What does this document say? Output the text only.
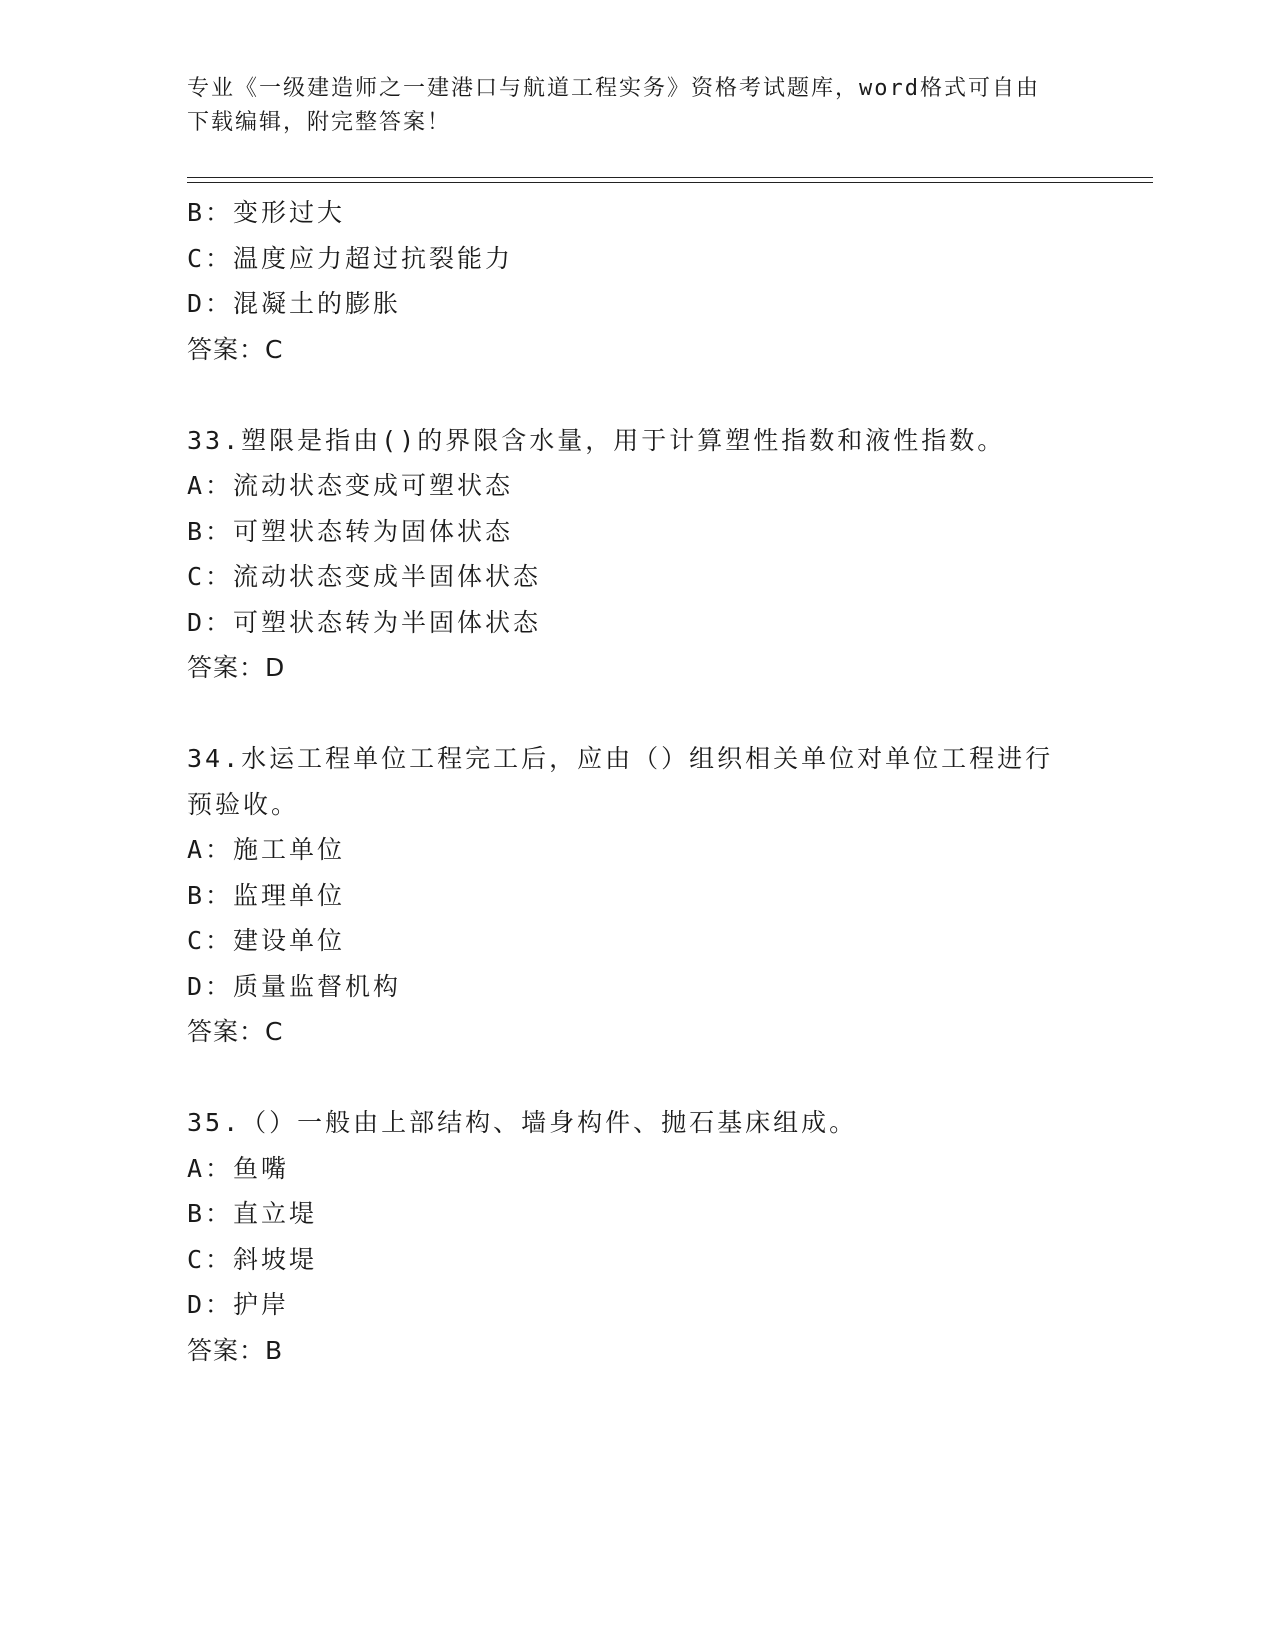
专业《一级建造师之一建港口与航道工程实务》资格考试题库，word格式可自由
下载编辑，附完整答案！
B：变形过大
C：温度应力超过抗裂能力
D：混凝土的膨胀
答案：C
33.塑限是指由()的界限含水量，用于计算塑性指数和液性指数。
A：流动状态变成可塑状态
B：可塑状态转为固体状态
C：流动状态变成半固体状态
D：可塑状态转为半固体状态
答案：D
34.水运工程单位工程完工后，应由（）组织相关单位对单位工程进行
预验收。
A：施工单位
B：监理单位
C：建设单位
D：质量监督机构
答案：C
35.（）一般由上部结构、墙身构件、抛石基床组成。
A：鱼嘴
B：直立堤
C：斜坡堤
D：护岸
答案：B
